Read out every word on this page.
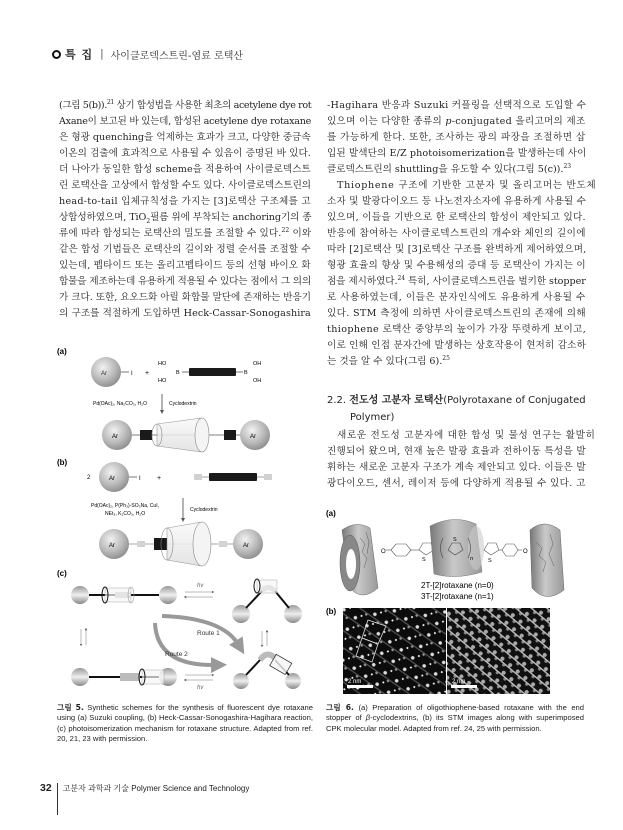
특 집 | 사이클로덱스트린-염료 로택산

(그림 5(b)).$^{21}$ 상기 합성법을 사용한 최초의 acetylene dye rot

Axane이 보고된 바 있는데, 합성된 acetylene dye rotaxane

은 형광 quenching을 억제하는 효과가 크고, 다양한 중금속

이온의 검출에 효과적으로 사용될 수 있음이 증명된 바 있다.

더 나아가 동일한 합성 scheme을 적용하여 사이클로덱스트

린 로택산을 고상에서 합성할 수도 있다. 사이클로덱스트린의

head-to-tail 입체규칙성을 가지는 [3]로택산 구조체를 고

상합성하였으며, TiO$_2$필름 위에 부착되는 anchoring기의 종

류에 따라 합성되는 로택산의 밀도를 조절할 수 있다.$^{22}$ 이와

같은 합성 기법들은 로택산의 길이와 정렬 순서를 조절할 수

있는데, 펩타이드 또는 올리고펩타이드 등의 선형 바이오 화

합물을 제조하는데 유용하게 적용될 수 있다는 점에서 그 의의

가 크다. 또한, 요오드화 아릴 화합물 말단에 존재하는 반응기

의 구조를 적절하게 도입하면 Heck-Cassar-Sonogashira

-Hagihara 반응과 Suzuki 커플링을 선택적으로 도입할 수

있으며 이는 다양한 종류의 p-conjugated 올리고머의 제조

를 가능하게 한다. 또한, 조사하는 광의 파장을 조절하면 삽

입된 발색단의 E/Z photoisomerization을 발생하는데 사이

클로덱스트린의 shuttling을 유도할 수 있다(그림 5(c)).$^{23}$

Thiophene 구조에 기반한 고분자 및 올리고머는 반도체

소자 및 발광다이오드 등 나노전자소자에 유용하게 사용될 수

있으며, 이들을 기반으로 한 로택산의 합성이 제안되고 있다.

반응에 참여하는 사이클로덱스트린의 개수와 체인의 길이에

따라 [2]로택산 및 [3]로택산 구조를 완벽하게 제어하였으며,

형광 효율의 향상 및 수용해성의 증대 등 로택산이 가지는 이

점을 제시하였다.$^{24}$ 특히, 사이클로덱스트린을 벌키한 stopper

로 사용하였는데, 이들은 분자인식에도 유용하게 사용될 수

있다. STM 측정에 의하면 사이클로덱스트린의 존재에 의해

thiophene 로택산 중앙부의 높이가 가장 뚜렷하게 보이고,

이로 인해 인접 분자간에 발생하는 상호작용이 현저히 감소하

는 것을 알 수 있다(그림 6).$^{25}$

2.2. 전도성 고분자 로택산(Polyrotaxane of Conjugated
Polymer)

새로운 전도성 고분자에 대한 합성 및 물성 연구는 활발히

진행되어 왔으며, 현재 높은 발광 효율과 전하이동 특성을 발

휘하는 새로운 고분자 구조가 계속 제안되고 있다. 이들은 발

광다이오드, 센서, 레이저 등에 다양하게 적용될 수 있다. 고

(a)
Ar	I +
HO
HO
B	B
OH
OH
Pd(OAc)₂, Na₂CO₃, H₂O	Cyclodextrin
Ar	Ar
(b)
2	Ar	I +
Pd(OAc)₂, P(Ph₃)-SO₃Na, CuI,
NEt₃, K₂CO₃, H₂O
Cyclodextrin
Ar	Ar
(c)
hv
Route 1
Route 2
hv
그림 5. Synthetic schemes for the synthesis of fluorescent dye rotaxane using (a) Suzuki coupling, (b) Heck-Cassar-Sonogashira-Hagihara reaction, (c) photoisomerization mechanism for rotaxane structure. Adapted from ref. 20, 21, 23 with permission.
(a)
O
S
S
n	S
O
2T-[2]rotaxane (n=0)
3T-[2]rotaxane (n=1)
(b)
2 nm	2 nm
그림 6. (a) Preparation of oligothiophene-based rotaxane with the end stopper of β-cyclodextrins, (b) its STM images along with superimposed CPK molecular model. Adapted from ref. 24, 25 with permission.
32 고분자 과학과 기술 Polymer Science and Technology
